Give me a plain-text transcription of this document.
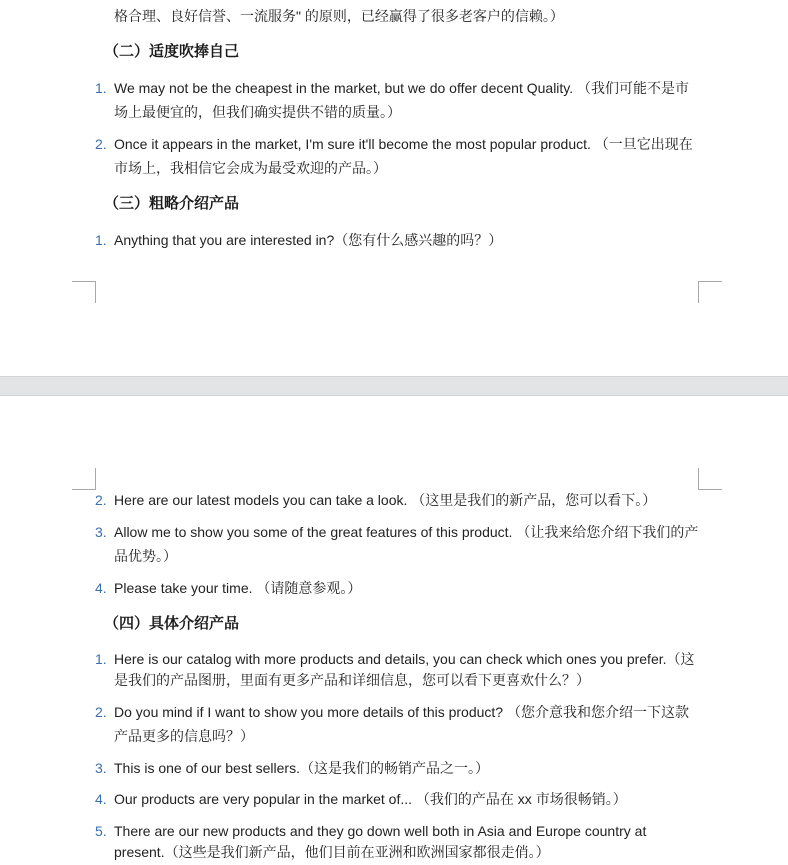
格合理、良好信誉、一流服务" 的原则，已经赢得了很多老客户的信赖。）
（二）适度吹捧自己
1. We may not be the cheapest in the market, but we do offer decent Quality. （我们可能不是市场上最便宜的，但我们确实提供不错的质量。）
2. Once it appears in the market, I'm sure it'll become the most popular product. （一旦它出现在市场上，我相信它会成为最受欢迎的产品。）
（三）粗略介绍产品
1. Anything that you are interested in?（您有什么感兴趣的吗？）
2. Here are our latest models you can take a look. （这里是我们的新产品，您可以看下。）
3. Allow me to show you some of the great features of this product. （让我来给您介绍下我们的产品优势。）
4. Please take your time. （请随意参观。）
（四）具体介绍产品
1. Here is our catalog with more products and details, you can check which ones you prefer.（这是我们的产品图册，里面有更多产品和详细信息，您可以看下更喜欢什么？）
2. Do you mind if I want to show you more details of this product? （您介意我和您介绍一下这款产品更多的信息吗？）
3. This is one of our best sellers.（这是我们的畅销产品之一。）
4. Our products are very popular in the market of... （我们的产品在 xx 市场很畅销。）
5. There are our new products and they go down well both in Asia and Europe country at present.（这些是我们新产品，他们目前在亚洲和欧洲国家都很走俏。）
